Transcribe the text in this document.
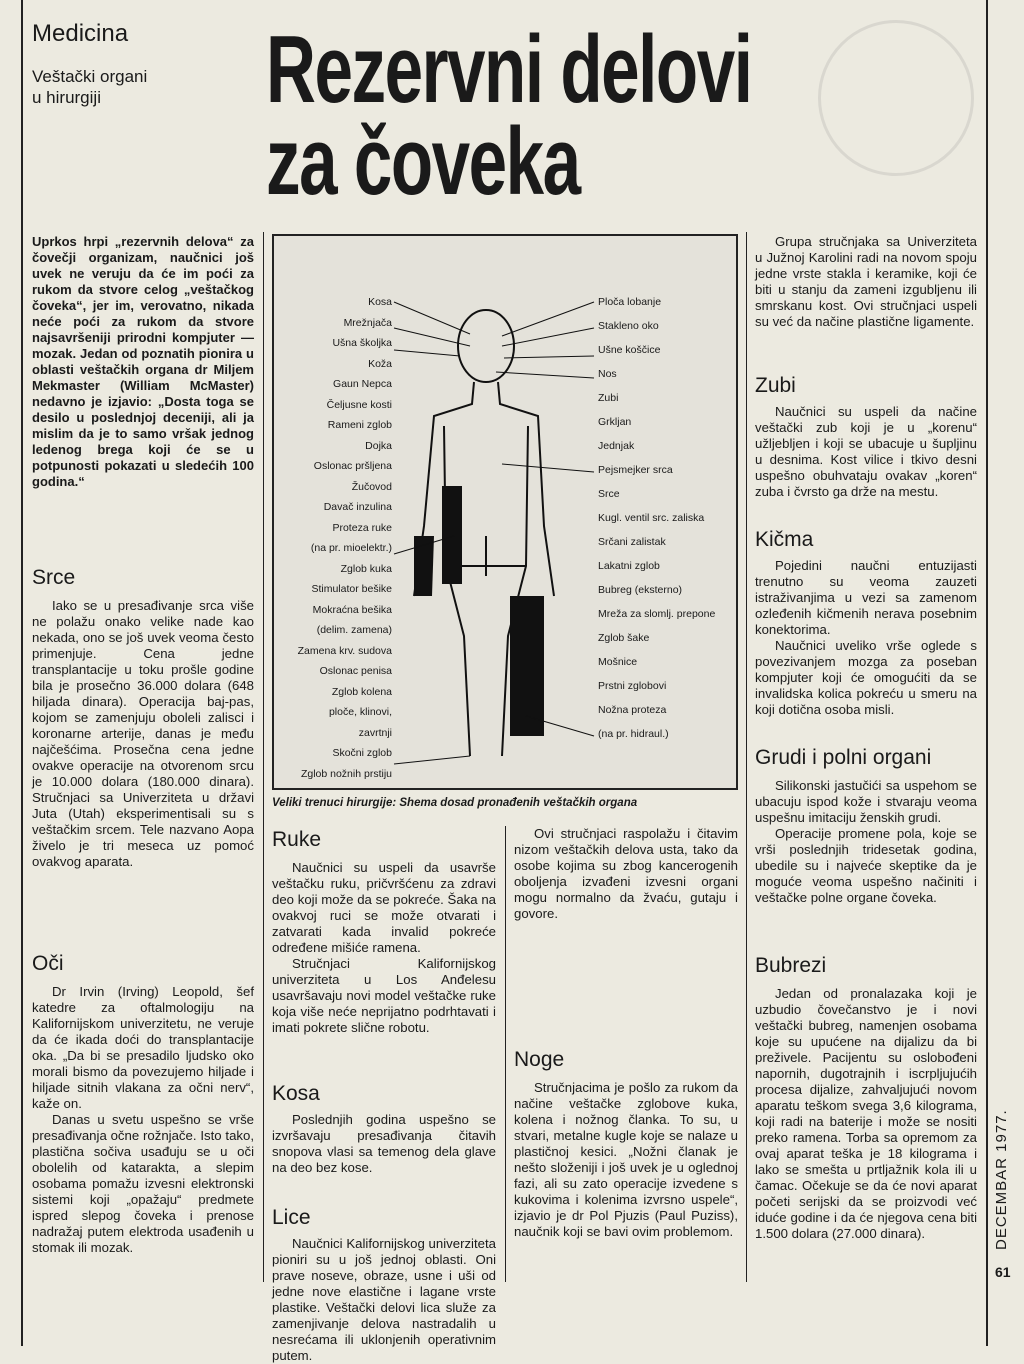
Medicina
Veštački organi
u hirurgiji Rezervni delovi
za čoveka
Uprkos hrpi „rezervnih delova“ za čovečji organizam, naučnici još uvek ne veruju da će im poći za rukom da stvore celog „veštačkog čoveka“, jer im, verovatno, nikada neće poći za rukom da stvore najsavršeniji prirodni kompjuter — mozak. Jedan od poznatih pionira u oblasti veštačkih organa dr Miljem Mekmaster (William McMaster) nedavno je izjavio: „Dosta toga se desilo u poslednjoj deceniji, ali ja mislim da je to samo vršak jednog ledenog brega koji će se u potpunosti pokazati u sledećih 100 godina.“
Srce

Iako se u presađivanje srca više ne polažu onako velike nade kao nekada, ono se još uvek veoma često primenjuje. Cena jedne transplantacije u toku prošle godine bila je prosečno 36.000 dolara (648 hiljada dinara). Operacija baj-pas, kojom se zamenjuju oboleli zalisci i koronarne arterije, danas je među najčešćima. Prosečna cena jedne ovakve operacije na otvorenom srcu je 10.000 dolara (180.000 dinara). Stručnjaci sa Univerziteta u državi Juta (Utah) eksperimentisali su s veštačkim srcem. Tele nazvano Aopa živelo je tri meseca uz pomoć ovakvog aparata.

Oči

Dr Irvin (Irving) Leopold, šef katedre za oftalmologiju na Kalifornijskom univerzitetu, ne veruje da će ikada doći do transplantacije oka. „Da bi se presadilo ljudsko oko morali bismo da povezujemo hiljade i hiljade sitnih vlakana za očni nerv“, kaže on.

Danas u svetu uspešno se vrše presađivanja očne rožnjače. Isto tako, plastična sočiva usađuju se u oči obolelih od katarakta, a slepim osobama pomažu izvesni elektronski sistemi koji „opažaju“ predmete ispred slepog čoveka i prenose nadražaj putem elektroda usađenih u stomak ili mozak.

Kosa
Mrežnjača
Ušna školjka
Koža
Gaun Nepca
Čeljusne kosti
Rameni zglob
Dojka
Oslonac pršljena
Žučovod
Davač inzulina
Proteza ruke
(na pr. mioelektr.)
Zglob kuka
Stimulator bešike
Mokraćna bešika
(delim. zamena)
Zamena krv. sudova
Oslonac penisa
Zglob kolena
ploče, klinovi,
zavrtnji
Skočni zglob
Zglob nožnih prstiju
Ploča lobanje
Stakleno oko
Ušne koščice
Nos
Zubi
Grkljan
Jednjak
Pejsmejker srca
Srce
Kugl. ventil src. zaliska
Srčani zalistak
Lakatni zglob
Bubreg (eksterno)
Mreža za slomlj. prepone
Zglob šake
Mošnice
Prstni zglobovi
Nožna proteza
(na pr. hidraul.)
Veliki trenuci hirurgije: Shema dosad pronađenih veštačkih organa
Ruke

Naučnici su uspeli da usavrše veštačku ruku, pričvršćenu za zdravi deo koji može da se pokreće. Šaka na ovakvoj ruci se može otvarati i zatvarati kada invalid pokreće određene mišiće ramena.

Stručnjaci Kalifornijskog univerziteta u Los Anđelesu usavršavaju novi model veštačke ruke koja više neće nepriјatno podrhtavati i imati pokrete slične robotu.

Kosa

Poslednjih godina uspešno se izvršavaju presađivanja čitavih snopova vlasi sa temenog dela glave na deo bez kose.

Lice

Naučnici Kalifornijskog univerziteta pioniri su u još jednoj oblasti. Oni prave noseve, obraze, usne i uši od jedne nove elastične i lagane vrste plastike. Veštački delovi lica služe za zamenjivanje delova nastradalih u nesrećama ili uklonjenih operativnim putem.

Ovi stručnjaci raspolažu i čitavim nizom veštačkih delova usta, tako da osobe kojima su zbog kancerogenih oboljenja izvađeni izvesni organi mogu normalno da žvaću, gutaju i govore.

Noge

Stručnjacima je pošlo za rukom da načine veštačke zglobove kuka, kolena i nožnog članka. To su, u stvari, metalne kugle koje se nalaze u plastičnoj kesici. „Nožni članak je nešto složeniji i još uvek je u oglednoj fazi, ali su zato operacije izvedene s kukovima i kolenima izvrsno uspele“, izjavio je dr Pol Pjuzis (Paul Puziss), naučnik koji se bavi ovim problemom.

Grupa stručnjaka sa Univerziteta u Južnoj Karolini radi na novom spoju jedne vrste stakla i keramike, koji će biti u stanju da zameni izgubljenu ili smrskanu kost. Ovi stručnjaci uspeli su već da načine plastične ligamente.

Zubi

Naučnici su uspeli da načine veštački zub koji je u „korenu“ užljebljen i koji se ubacuje u šupljinu u desnima. Kost vilice i tkivo desni uspešno obuhvataju ovakav „koren“ zuba i čvrsto ga drže na mestu.

Kičma

Pojedini naučni entuzijasti trenutno su veoma zauzeti istraživanjima u vezi sa zamenom ozleđenih kičmenih nerava posebnim konektorima.

Naučnici uveliko vrše oglede s povezivanjem mozga za poseban kompjuter koji će omogućiti da se invalidska kolica pokreću u smeru na koji dotična osoba misli.

Grudi i polni organi

Silikonski jastučići sa uspehom se ubacuju ispod kože i stvaraju veoma uspešnu imitaciju ženskih grudi.

Operacije promene pola, koje se vrši poslednjih tridesetak godina, ubedile su i najveće skeptike da je moguće veoma uspešno načiniti i veštačke polne organe čoveka.

Bubrezi

Jedan od pronalazaka koji je uzbudio čovečanstvo je i novi veštački bubreg, namenjen osobama koje su upućene na dijalizu da bi preživele. Pacijentu su oslobođeni napornih, dugotrajnih i iscrpljujućih procesa dijalize, zahvaljujući novom aparatu teškom svega 3,6 kilograma, koji radi na baterije i može se nositi preko ramena. Torba sa opremom za ovaj aparat teška je 18 kilograma i lako se smešta u prtljažnik kola ili u čamac. Očekuje se da će novi aparat početi serijski da se proizvodi već iduće godine i da će njegova cena biti 1.500 dolara (27.000 dinara).	DECEMBAR 1977.
61
